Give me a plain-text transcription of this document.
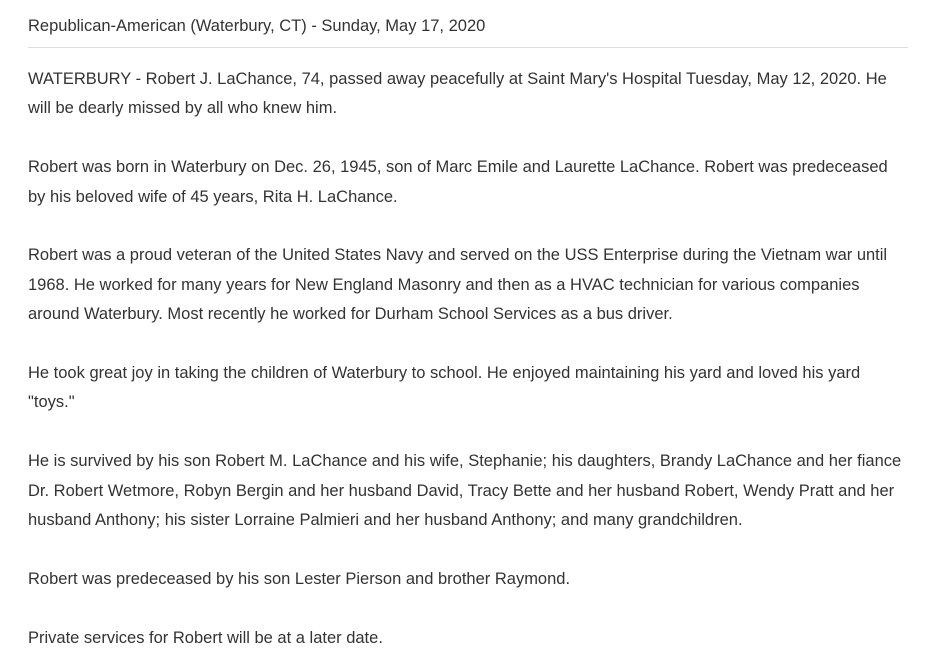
Republican-American (Waterbury, CT) - Sunday, May 17, 2020

WATERBURY - Robert J. LaChance, 74, passed away peacefully at Saint Mary's Hospital Tuesday, May 12, 2020. He will be dearly missed by all who knew him.

Robert was born in Waterbury on Dec. 26, 1945, son of Marc Emile and Laurette LaChance. Robert was predeceased by his beloved wife of 45 years, Rita H. LaChance.

Robert was a proud veteran of the United States Navy and served on the USS Enterprise during the Vietnam war until 1968. He worked for many years for New England Masonry and then as a HVAC technician for various companies around Waterbury. Most recently he worked for Durham School Services as a bus driver.

He took great joy in taking the children of Waterbury to school. He enjoyed maintaining his yard and loved his yard "toys."

He is survived by his son Robert M. LaChance and his wife, Stephanie; his daughters, Brandy LaChance and her fiance Dr. Robert Wetmore, Robyn Bergin and her husband David, Tracy Bette and her husband Robert, Wendy Pratt and her husband Anthony; his sister Lorraine Palmieri and her husband Anthony; and many grandchildren.

Robert was predeceased by his son Lester Pierson and brother Raymond.

Private services for Robert will be at a later date.
